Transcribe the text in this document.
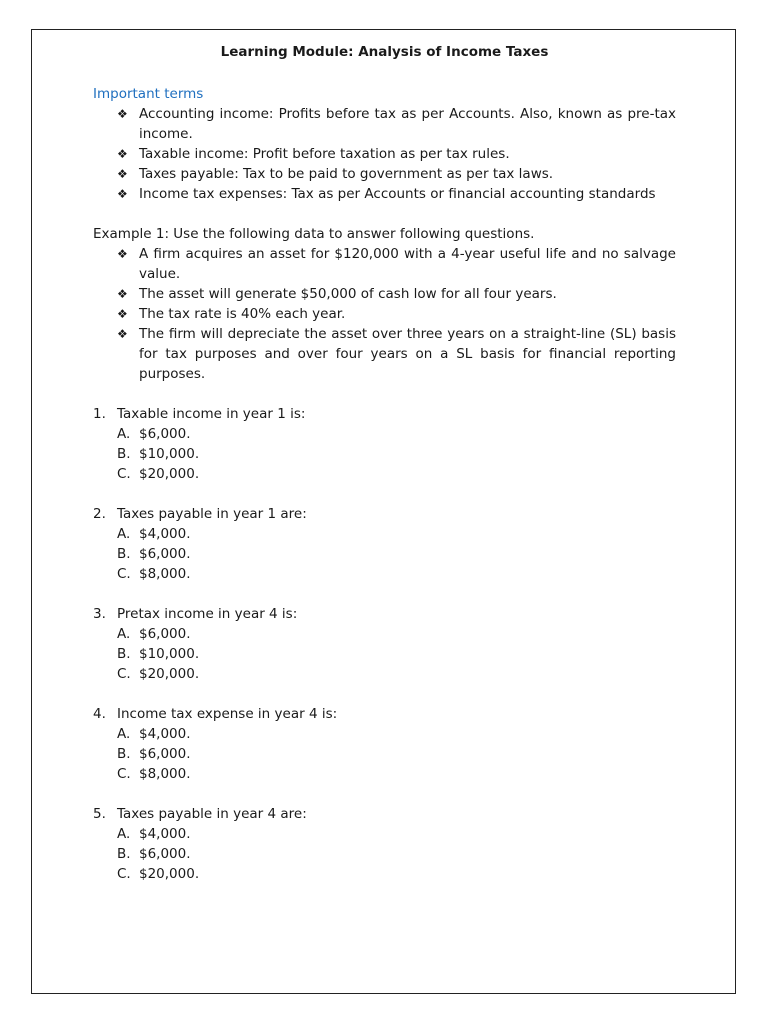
Learning Module: Analysis of Income Taxes
Important terms
❖ Accounting income: Profits before tax as per Accounts. Also, known as pre-tax income.
❖ Taxable income: Profit before taxation as per tax rules.
❖ Taxes payable: Tax to be paid to government as per tax laws.
❖ Income tax expenses: Tax as per Accounts or financial accounting standards
Example 1: Use the following data to answer following questions.
❖ A firm acquires an asset for $120,000 with a 4-year useful life and no salvage value.
❖ The asset will generate $50,000 of cash low for all four years.
❖ The tax rate is 40% each year.
❖ The firm will depreciate the asset over three years on a straight-line (SL) basis for tax purposes and over four years on a SL basis for financial reporting purposes.
1. Taxable income in year 1 is:
A. $6,000.
B. $10,000.
C. $20,000.
2. Taxes payable in year 1 are:
A. $4,000.
B. $6,000.
C. $8,000.
3. Pretax income in year 4 is:
A. $6,000.
B. $10,000.
C. $20,000.
4. Income tax expense in year 4 is:
A. $4,000.
B. $6,000.
C. $8,000.
5. Taxes payable in year 4 are:
A. $4,000.
B. $6,000.
C. $20,000.
